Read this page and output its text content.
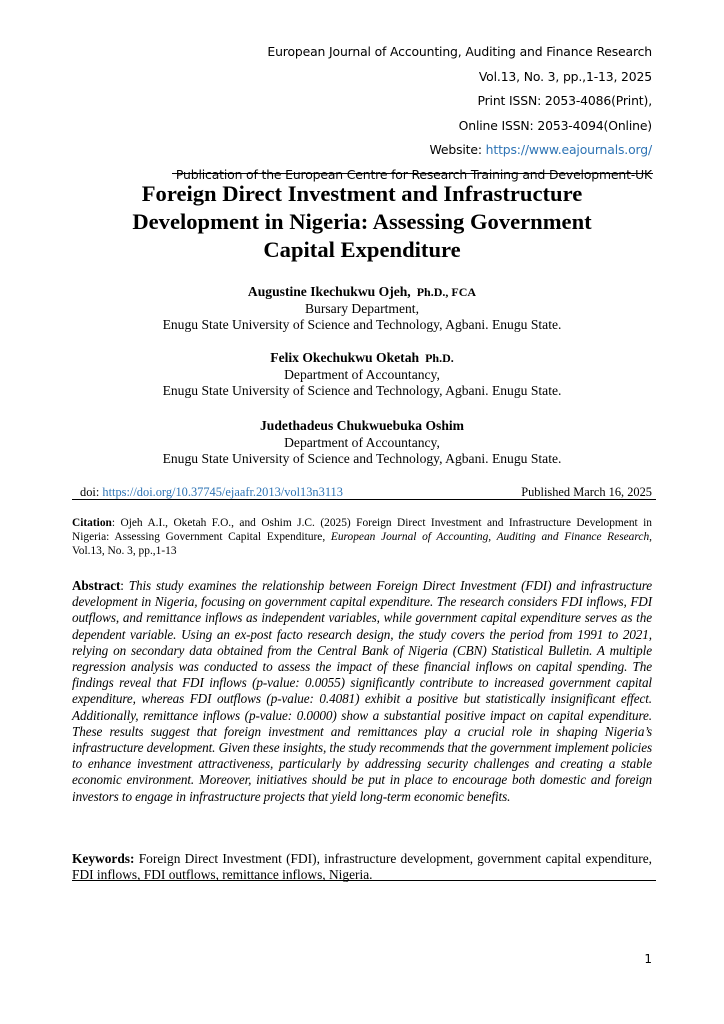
European Journal of Accounting, Auditing and Finance Research
Vol.13, No. 3, pp.,1-13, 2025
Print ISSN: 2053-4086(Print),
Online ISSN: 2053-4094(Online)
Website: https://www.eajournals.org/
Publication of the European Centre for Research Training and Development-UK
Foreign Direct Investment and Infrastructure
Development in Nigeria: Assessing Government
Capital Expenditure
Augustine Ikechukwu Ojeh, Ph.D., FCA
Bursary Department,
Enugu State University of Science and Technology, Agbani. Enugu State.
Felix Okechukwu Oketah Ph.D.
Department of Accountancy,
Enugu State University of Science and Technology, Agbani. Enugu State.
Judethadeus Chukwuebuka Oshim
Department of Accountancy,
Enugu State University of Science and Technology, Agbani. Enugu State.
doi: https://doi.org/10.37745/ejaafr.2013/vol13n3113	Published March 16, 2025
Citation: Ojeh A.I., Oketah F.O., and Oshim J.C. (2025) Foreign Direct Investment and Infrastructure Development in Nigeria: Assessing Government Capital Expenditure, European Journal of Accounting, Auditing and Finance Research, Vol.13, No. 3, pp.,1-13
Abstract: This study examines the relationship between Foreign Direct Investment (FDI) and infrastructure development in Nigeria, focusing on government capital expenditure. The research considers FDI inflows, FDI outflows, and remittance inflows as independent variables, while government capital expenditure serves as the dependent variable. Using an ex-post facto research design, the study covers the period from 1991 to 2021, relying on secondary data obtained from the Central Bank of Nigeria (CBN) Statistical Bulletin. A multiple regression analysis was conducted to assess the impact of these financial inflows on capital spending. The findings reveal that FDI inflows (p-value: 0.0055) significantly contribute to increased government capital expenditure, whereas FDI outflows (p-value: 0.4081) exhibit a positive but statistically insignificant effect. Additionally, remittance inflows (p-value: 0.0000) show a substantial positive impact on capital expenditure. These results suggest that foreign investment and remittances play a crucial role in shaping Nigeria’s infrastructure development. Given these insights, the study recommends that the government implement policies to enhance investment attractiveness, particularly by addressing security challenges and creating a stable economic environment. Moreover, initiatives should be put in place to encourage both domestic and foreign investors to engage in infrastructure projects that yield long-term economic benefits.
Keywords: Foreign Direct Investment (FDI), infrastructure development, government capital expenditure, FDI inflows, FDI outflows, remittance inflows, Nigeria.
1
